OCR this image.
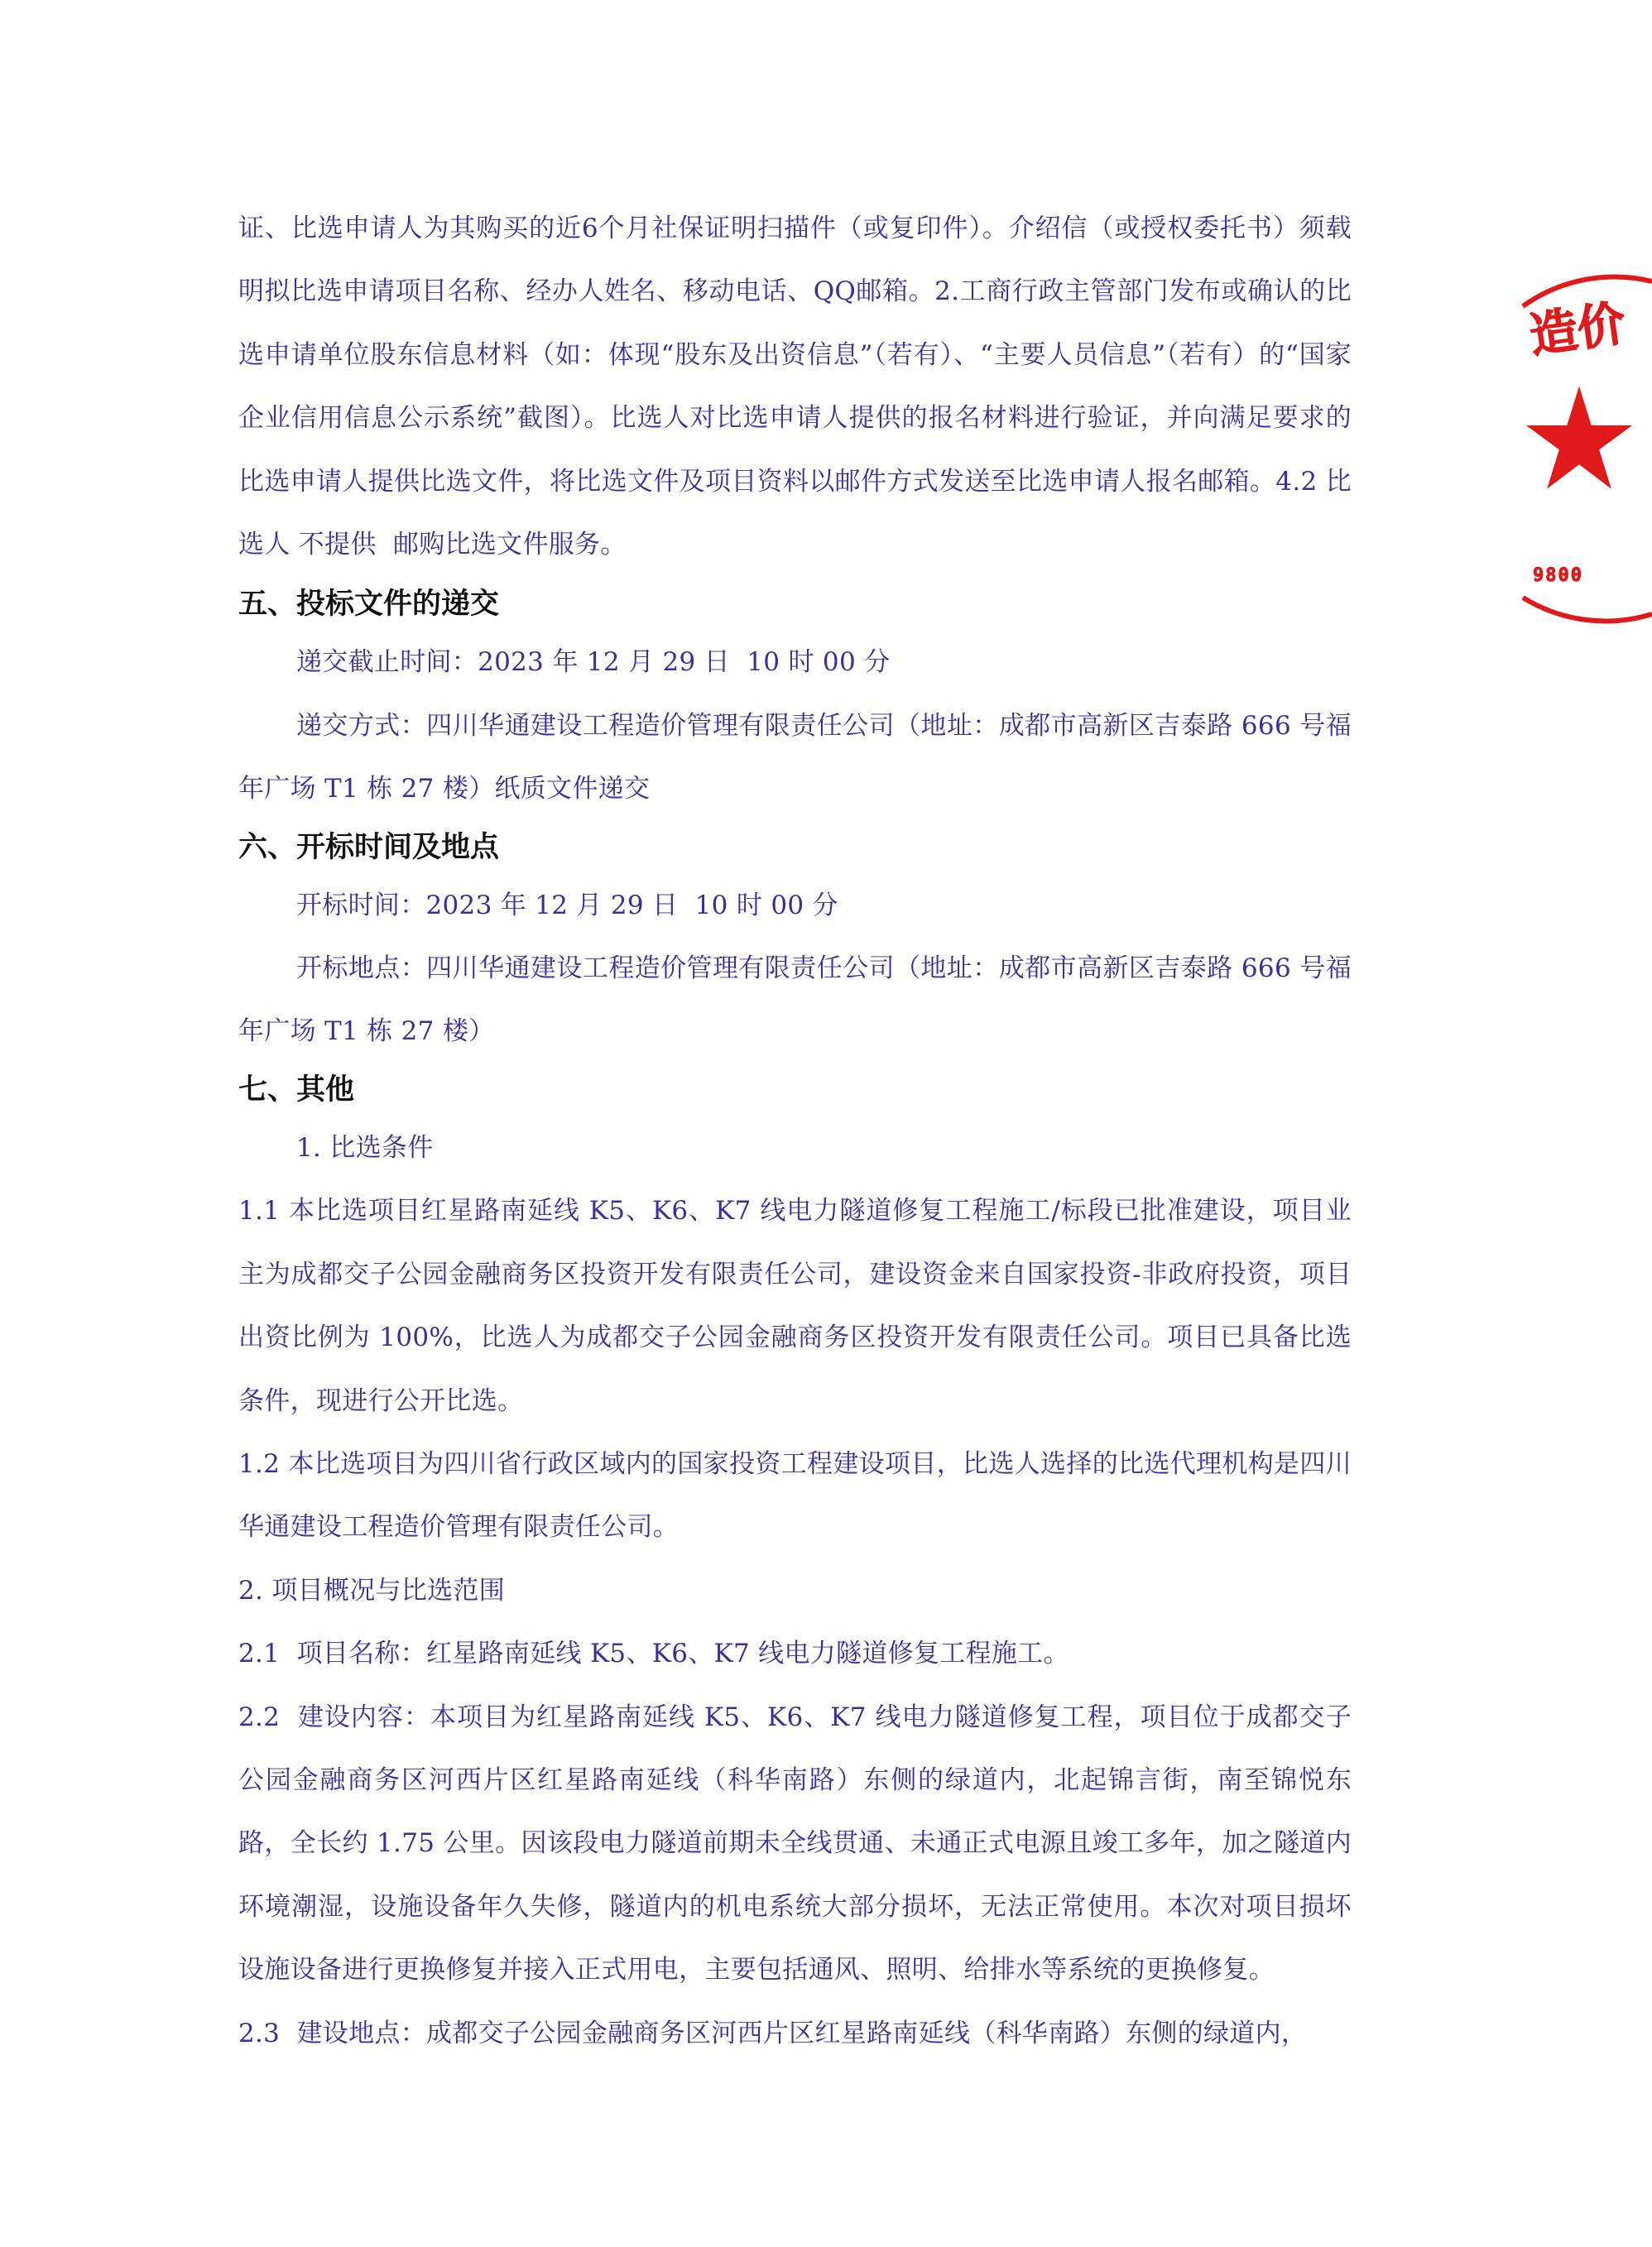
证、比选申请人为其购买的近6个月社保证明扫描件（或复印件）。介绍信（或授权委托书）须载明拟比选申请项目名称、经办人姓名、移动电话、QQ邮箱。2.工商行政主管部门发布或确认的比选申请单位股东信息材料（如：体现“股东及出资信息”（若有）、“主要人员信息”（若有）的“国家企业信用信息公示系统”截图）。比选人对比选申请人提供的报名材料进行验证，并向满足要求的比选申请人提供比选文件，将比选文件及项目资料以邮件方式发送至比选申请人报名邮箱。4.2 比选人 不提供  邮购比选文件服务。

五、投标文件的递交

递交截止时间：2023 年 12 月 29 日  10 时 00 分

递交方式：四川华通建设工程造价管理有限责任公司（地址：成都市高新区吉泰路 666 号福年广场 T1 栋 27 楼）纸质文件递交

六、开标时间及地点

开标时间：2023 年 12 月 29 日  10 时 00 分

开标地点：四川华通建设工程造价管理有限责任公司（地址：成都市高新区吉泰路 666 号福年广场 T1 栋 27 楼）

七、其他

1. 比选条件

1.1 本比选项目红星路南延线 K5、K6、K7 线电力隧道修复工程施工/标段已批准建设，项目业主为成都交子公园金融商务区投资开发有限责任公司，建设资金来自国家投资-非政府投资，项目出资比例为 100%，比选人为成都交子公园金融商务区投资开发有限责任公司。项目已具备比选条件，现进行公开比选。

1.2 本比选项目为四川省行政区域内的国家投资工程建设项目，比选人选择的比选代理机构是四川华通建设工程造价管理有限责任公司。

2. 项目概况与比选范围

2.1  项目名称：红星路南延线 K5、K6、K7 线电力隧道修复工程施工。

2.2  建设内容：本项目为红星路南延线 K5、K6、K7 线电力隧道修复工程，项目位于成都交子公园金融商务区河西片区红星路南延线（科华南路）东侧的绿道内，北起锦言街，南至锦悦东路，全长约 1.75 公里。因该段电力隧道前期未全线贯通、未通正式电源且竣工多年，加之隧道内环境潮湿，设施设备年久失修，隧道内的机电系统大部分损坏，无法正常使用。本次对项目损坏设施设备进行更换修复并接入正式用电，主要包括通风、照明、给排水等系统的更换修复。

2.3  建设地点：成都交子公园金融商务区河西片区红星路南延线（科华南路）东侧的绿道内，

造价
9800
